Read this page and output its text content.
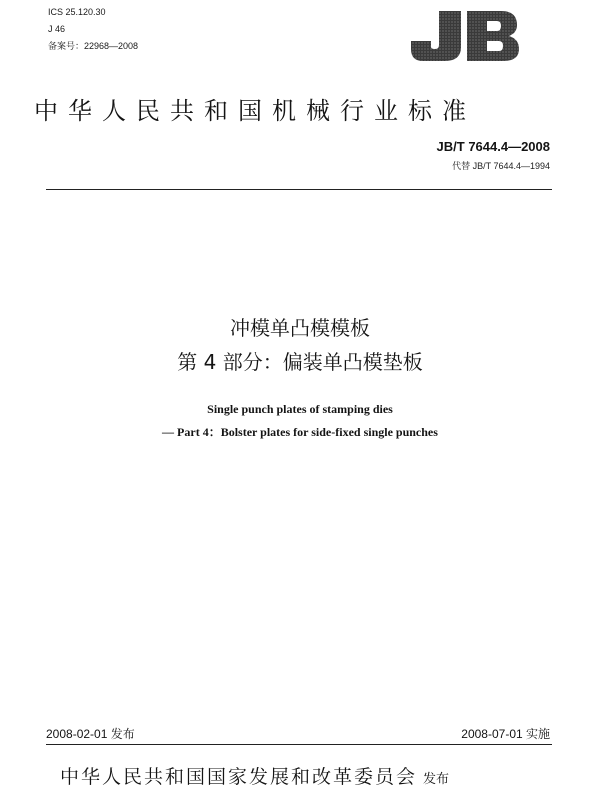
ICS 25.120.30
J 46
备案号：22968—2008
JB
中华人民共和国机械行业标准
JB/T 7644.4—2008
代替 JB/T 7644.4—1994
冲模单凸模模板
第 4 部分：偏装单凸模垫板
Single punch plates of stamping dies
— Part 4：Bolster plates for side-fixed single punches
2008-02-01 发布	2008-07-01 实施
中华人民共和国国家发展和改革委员会 发布
